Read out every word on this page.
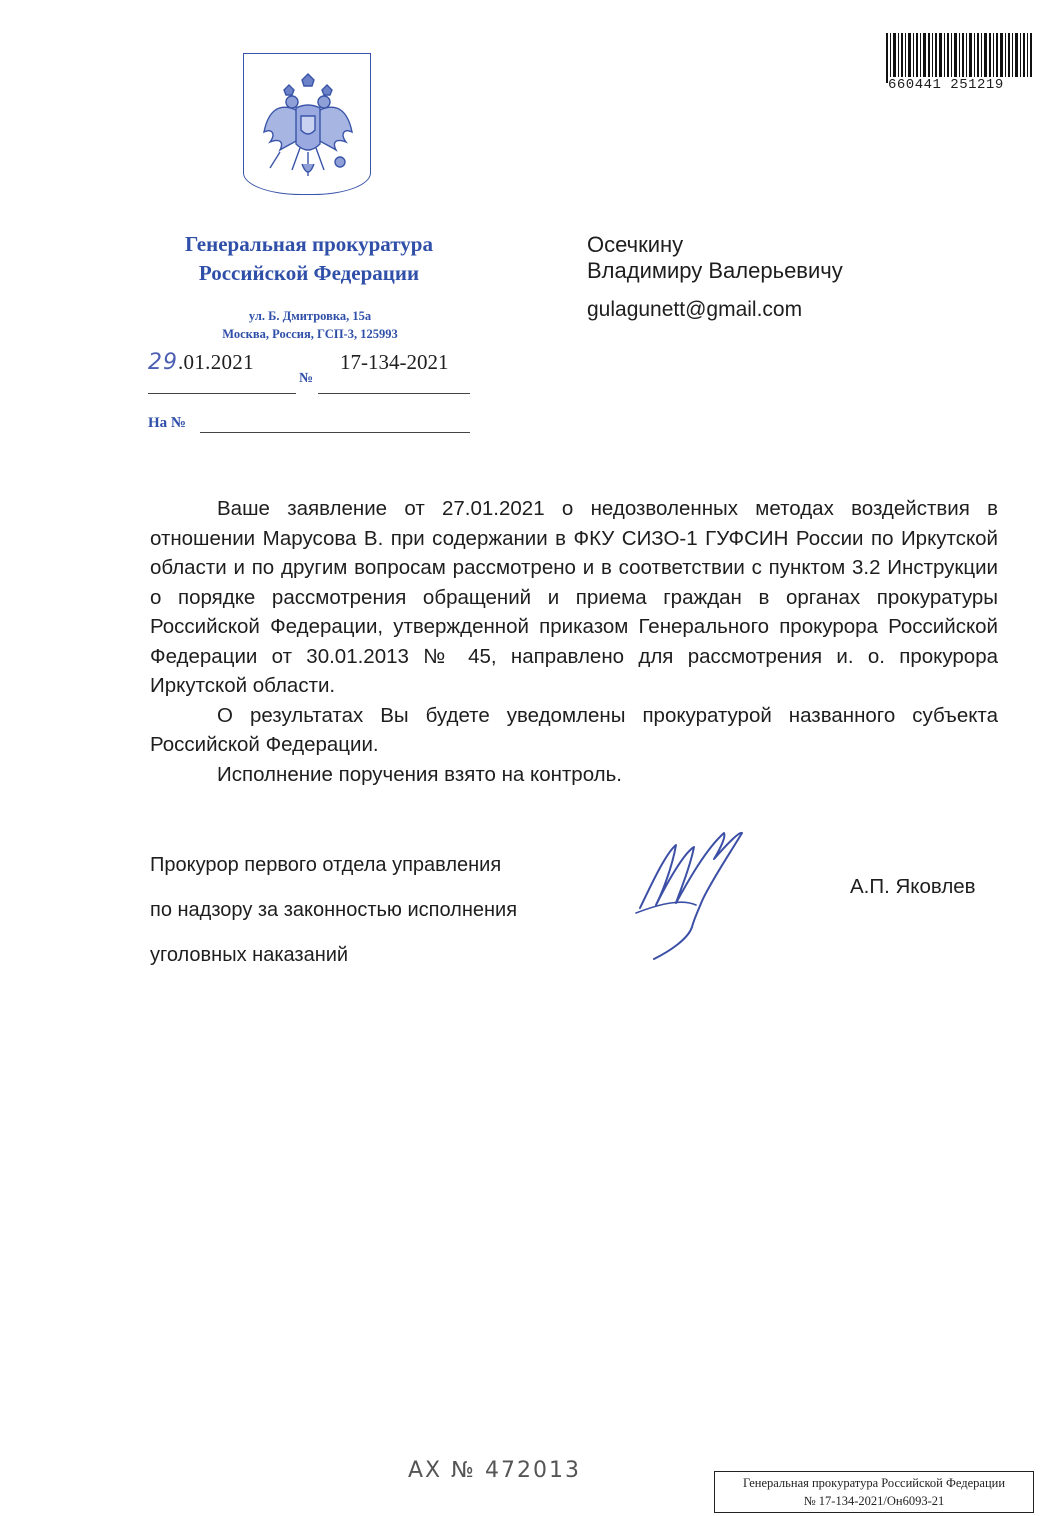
Генеральная прокуратура
Российской Федерации
ул. Б. Дмитровка, 15а
Москва, Россия, ГСП-3, 125993
29.01.2021
№
17-134-2021
На №
660441 251219
Осечкину
Владимиру Валерьевичу
gulagunett@gmail.com

Ваше заявление от 27.01.2021 о недозволенных методах воздействия в отношении Марусова В. при содержании в ФКУ СИЗО-1 ГУФСИН России по Иркутской области и по другим вопросам рассмотрено и в соответствии с пунктом 3.2 Инструкции о порядке рассмотрения обращений и приема граждан в органах прокуратуры Российской Федерации, утвержденной приказом Генерального прокурора Российской Федерации от 30.01.2013 № 45, направлено для рассмотрения и. о. прокурора Иркутской области.

О результатах Вы будете уведомлены прокуратурой названного субъекта Российской Федерации.

Исполнение поручения взято на контроль.

Прокурор первого отдела управления

по надзору за законностью исполнения

уголовных наказаний

А.П. Яковлев
АХ № 472013	Генеральная прокуратура Российской Федерации
№ 17-134-2021/Он6093-21
